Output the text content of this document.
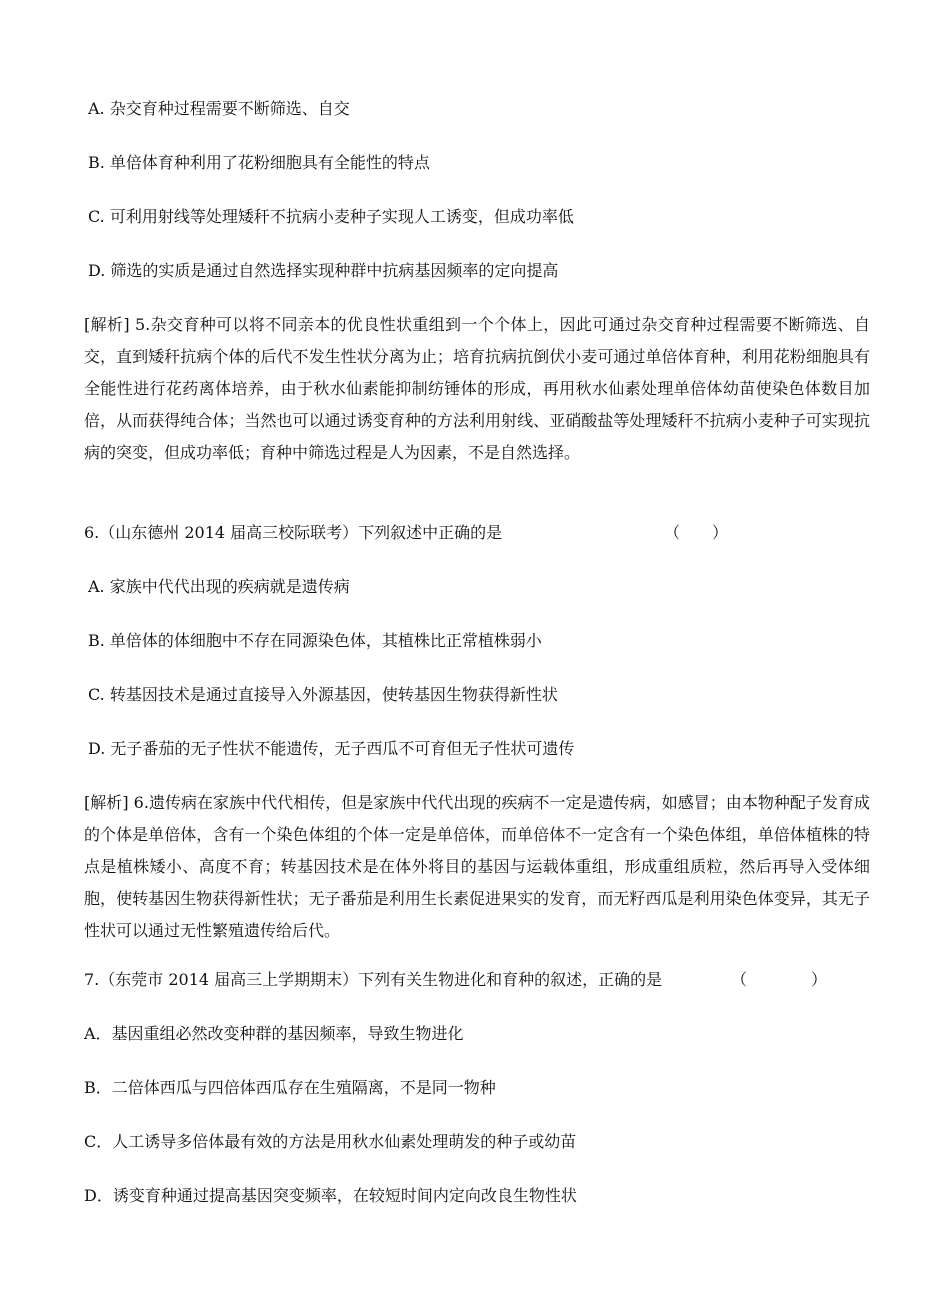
A. 杂交育种过程需要不断筛选、自交
B. 单倍体育种利用了花粉细胞具有全能性的特点
C. 可利用射线等处理矮秆不抗病小麦种子实现人工诱变，但成功率低
D. 筛选的实质是通过自然选择实现种群中抗病基因频率的定向提高
[解析] 5.杂交育种可以将不同亲本的优良性状重组到一个个体上，因此可通过杂交育种过程需要不断筛选、自交，直到矮秆抗病个体的后代不发生性状分离为止；培育抗病抗倒伏小麦可通过单倍体育种，利用花粉细胞具有全能性进行花药离体培养，由于秋水仙素能抑制纺锤体的形成，再用秋水仙素处理单倍体幼苗使染色体数目加倍，从而获得纯合体；当然也可以通过诱变育种的方法利用射线、亚硝酸盐等处理矮秆不抗病小麦种子可实现抗病的突变，但成功率低；育种中筛选过程是人为因素，不是自然选择。
6.（山东德州 2014 届高三校际联考）下列叙述中正确的是	（　　）
A. 家族中代代出现的疾病就是遗传病
B. 单倍体的体细胞中不存在同源染色体，其植株比正常植株弱小
C. 转基因技术是通过直接导入外源基因，使转基因生物获得新性状
D. 无子番茄的无子性状不能遗传，无子西瓜不可育但无子性状可遗传
[解析] 6.遗传病在家族中代代相传，但是家族中代代出现的疾病不一定是遗传病，如感冒；由本物种配子发育成的个体是单倍体，含有一个染色体组的个体一定是单倍体，而单倍体不一定含有一个染色体组，单倍体植株的特点是植株矮小、高度不育；转基因技术是在体外将目的基因与运载体重组，形成重组质粒，然后再导入受体细胞，使转基因生物获得新性状；无子番茄是利用生长素促进果实的发育，而无籽西瓜是利用染色体变异，其无子性状可以通过无性繁殖遗传给后代。
7.（东莞市 2014 届高三上学期期末）下列有关生物进化和育种的叙述，正确的是	（　　　　）
A．基因重组必然改变种群的基因频率，导致生物进化
B．二倍体西瓜与四倍体西瓜存在生殖隔离，不是同一物种
C．人工诱导多倍体最有效的方法是用秋水仙素处理萌发的种子或幼苗
D．诱变育种通过提高基因突变频率，在较短时间内定向改良生物性状
